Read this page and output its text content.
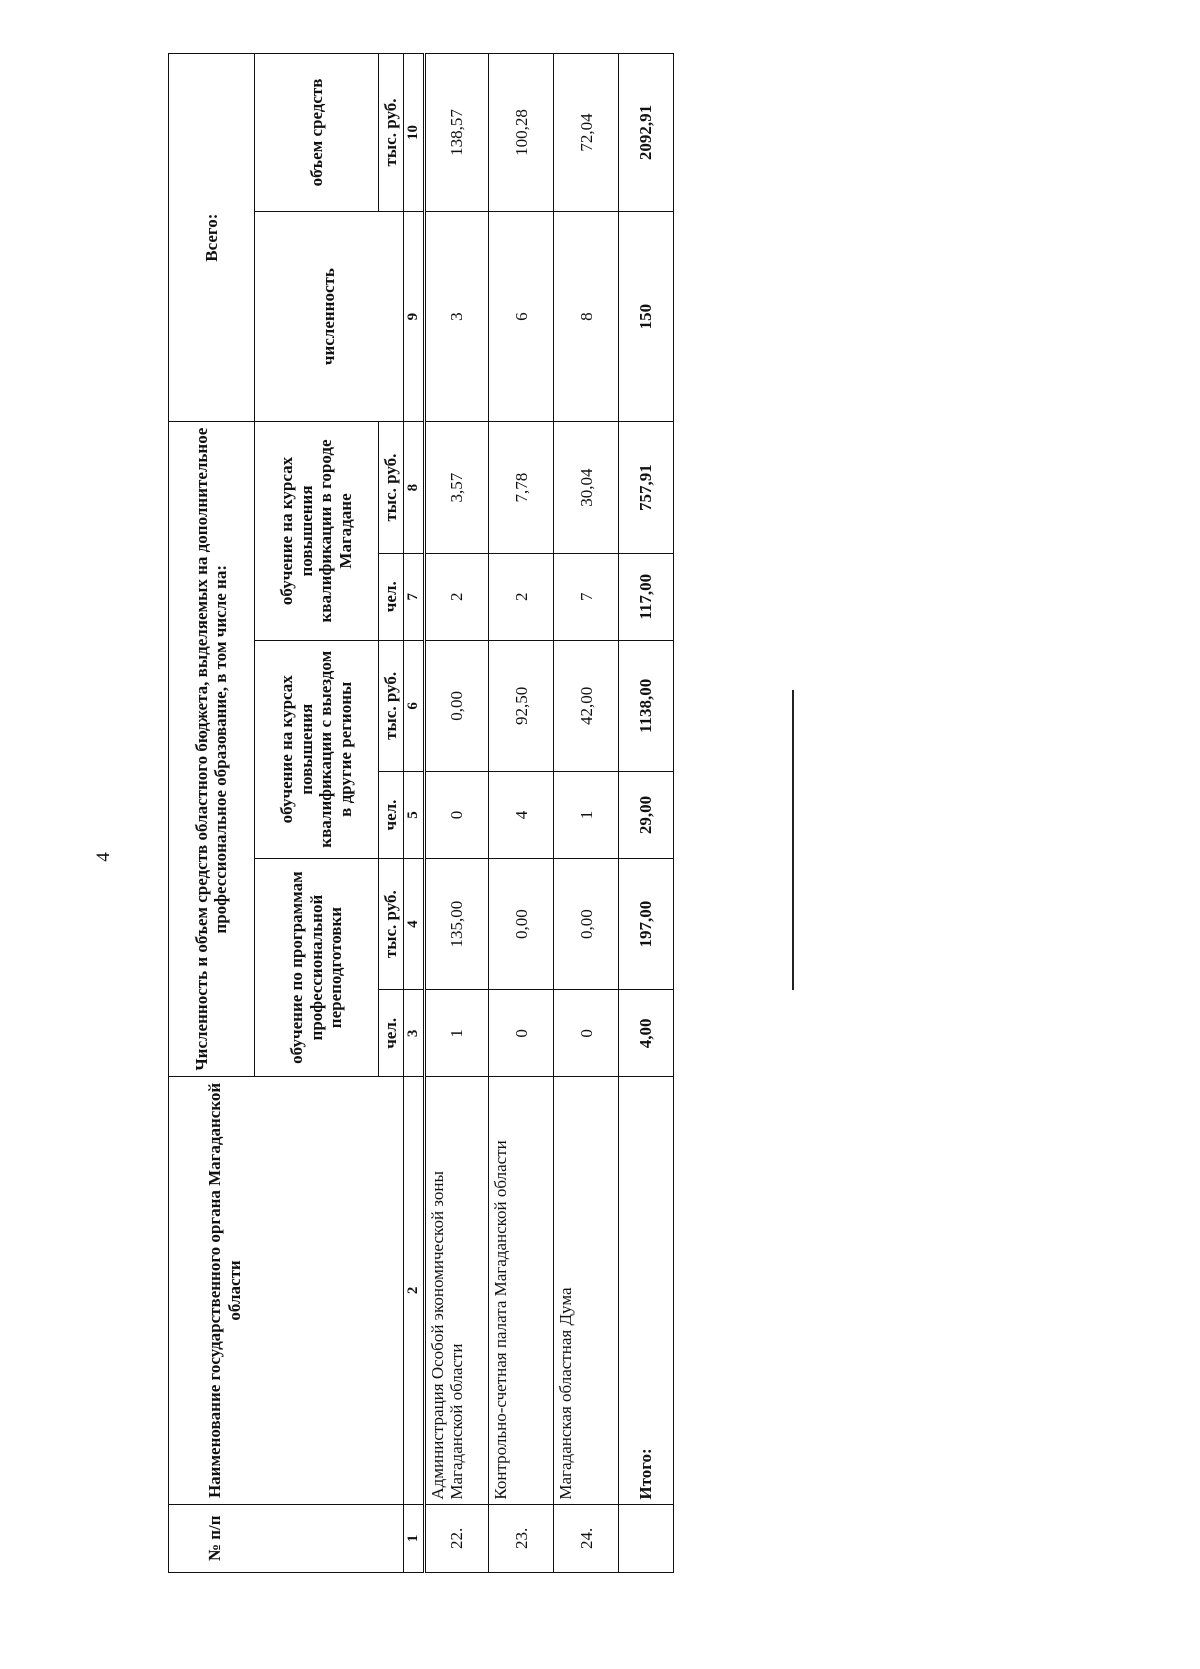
4
№ п/п	Наименование государственного органа Магаданской области	Численность и объем средств областного бюджета, выделяемых на дополнительное профессиональное образование, в том числе на:						Всего:	
		обучение по программам профессиональной переподготовки		обучение на курсах повышения квалификации с выездом в другие регионы		обучение на курсах повышения квалификации в городе Магадане		численность	объем средств
		чел.	тыс. руб.	чел.	тыс. руб.	чел.	тыс. руб.		тыс. руб.
1	2	3	4	5	6	7	8	9	10
22.	Администрация Особой экономической зоны Магаданской области	1	135,00	0	0,00	2	3,57	3	138,57
23.	Контрольно-счетная палата Магаданской области	0	0,00	4	92,50	2	7,78	6	100,28
24.	Магаданская областная Дума	0	0,00	1	42,00	7	30,04	8	72,04
	Итого:	4,00	197,00	29,00	1138,00	117,00	757,91	150	2092,91
